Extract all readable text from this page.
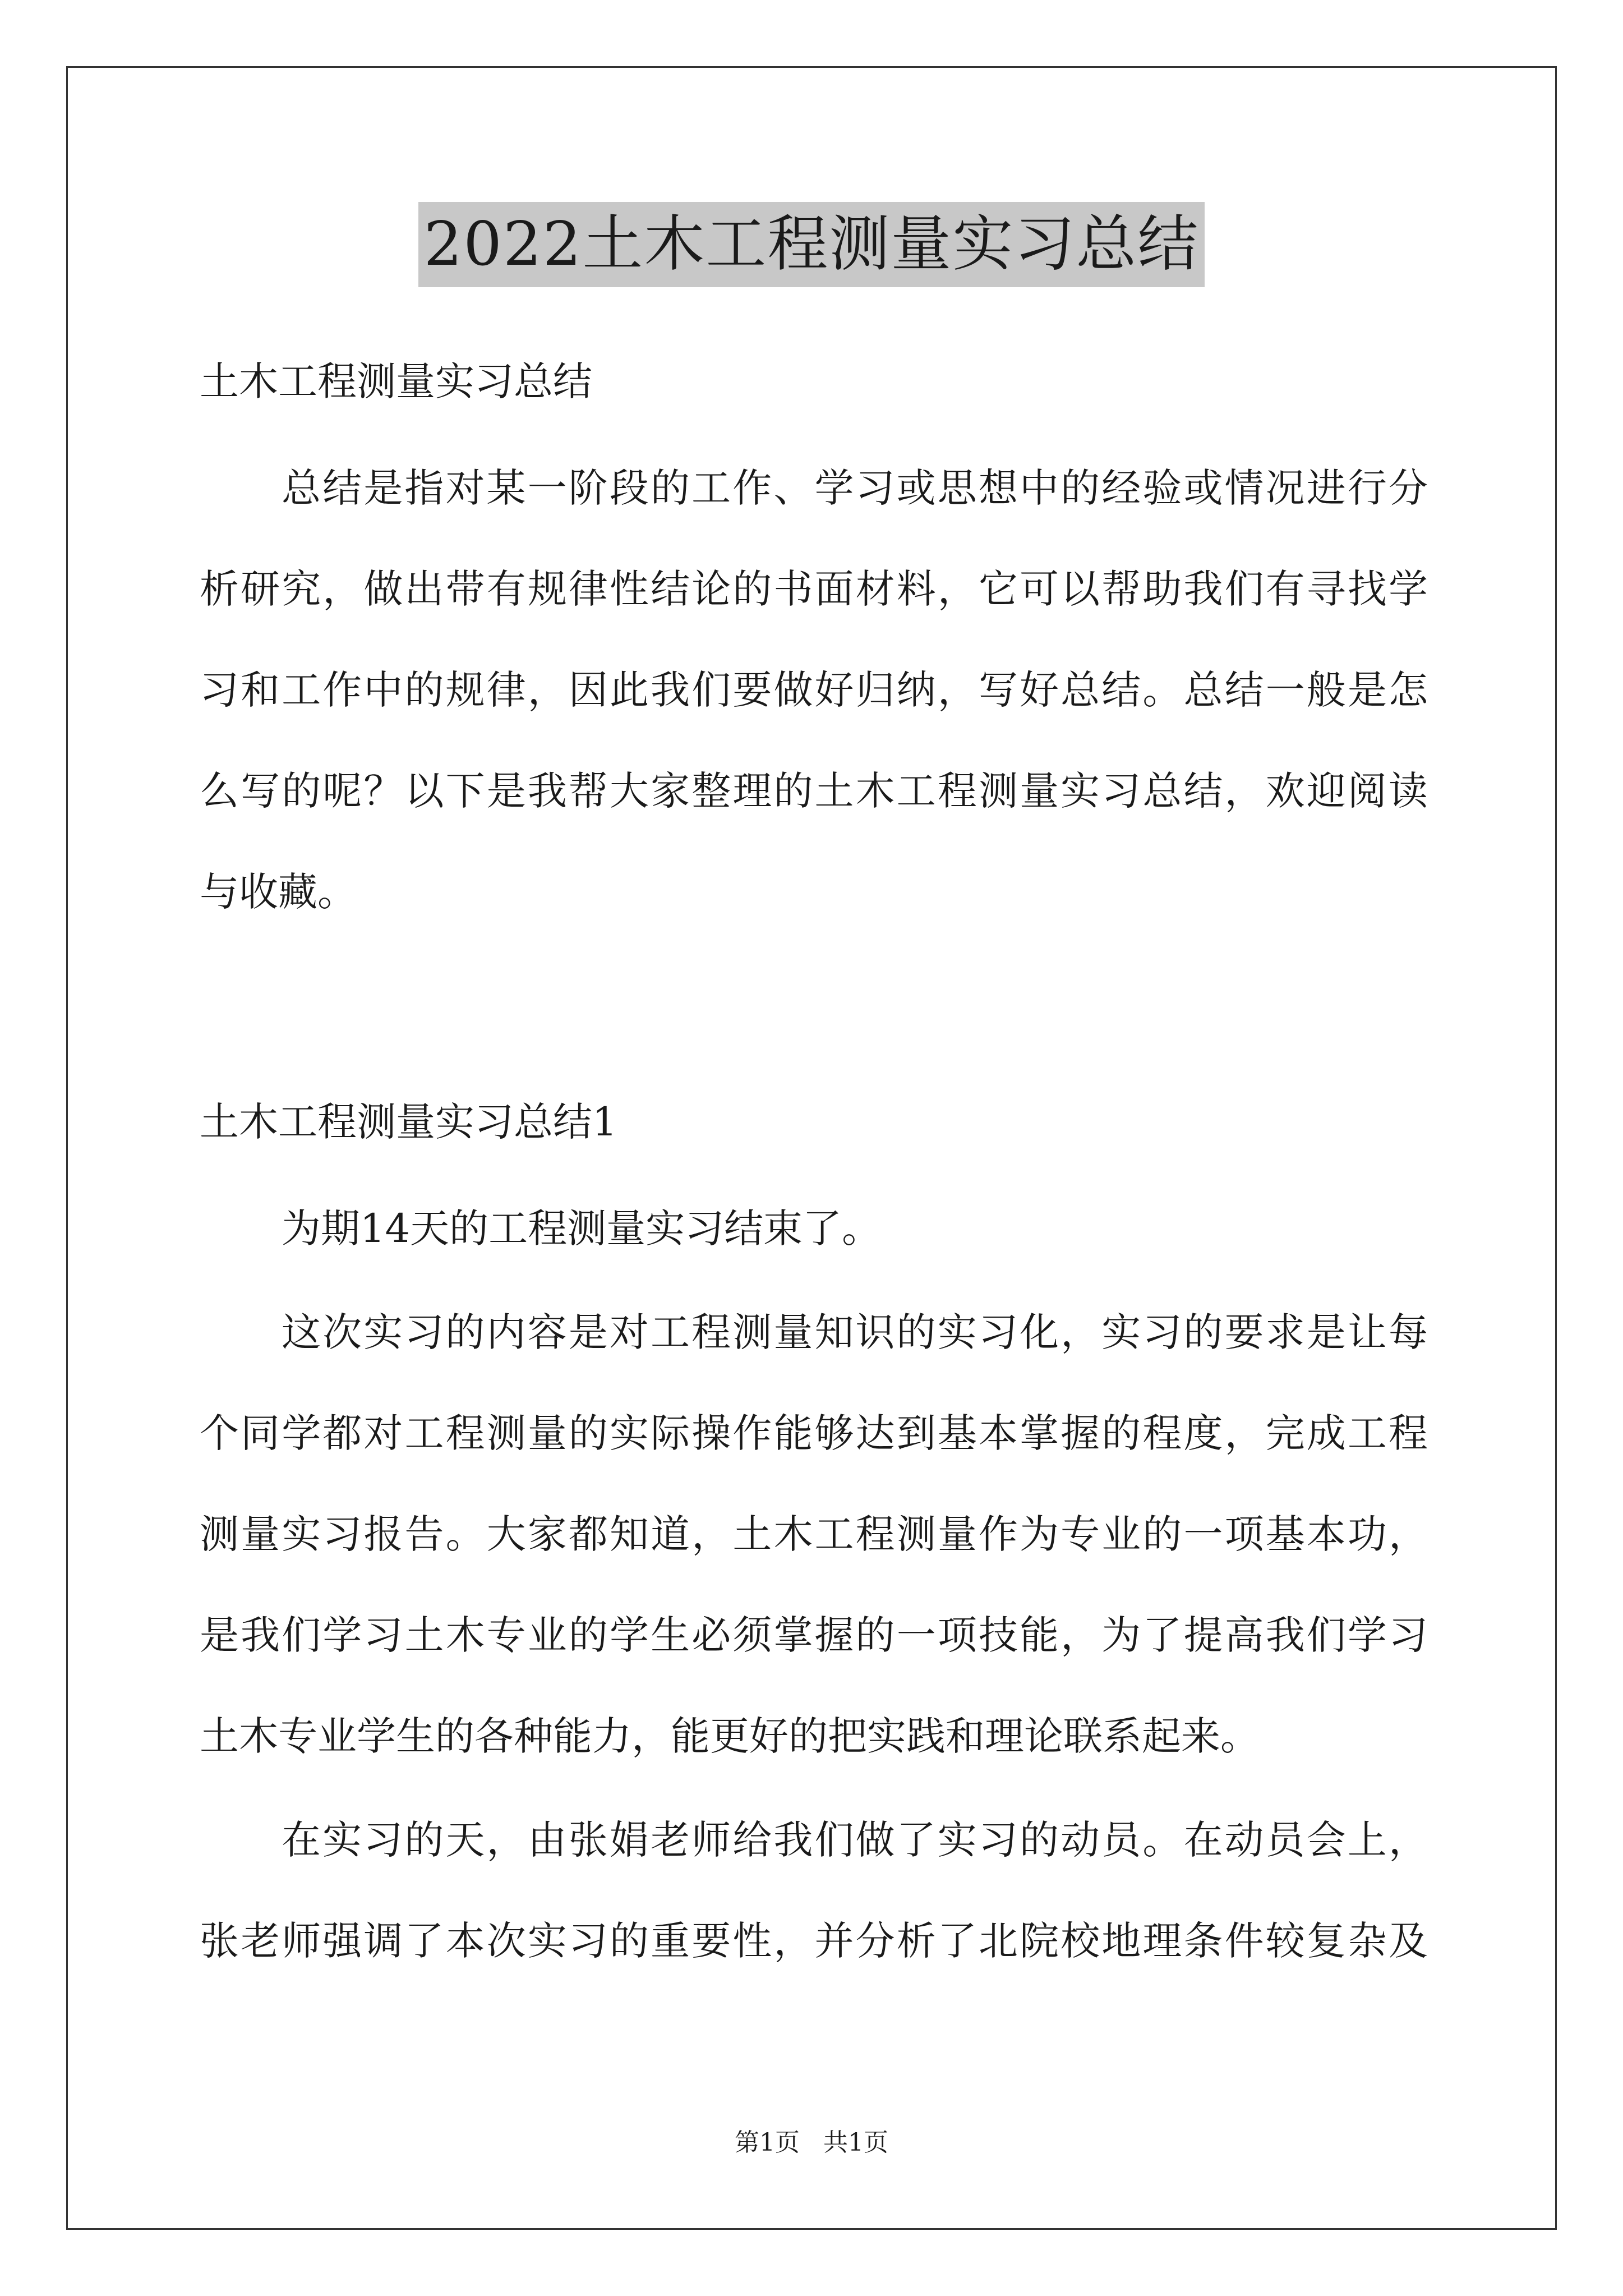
2022土木工程测量实习总结
土木工程测量实习总结
总结是指对某一阶段的工作、学习或思想中的经验或情况进行分
析研究，做出带有规律性结论的书面材料，它可以帮助我们有寻找学
习和工作中的规律，因此我们要做好归纳，写好总结。总结一般是怎
么写的呢？以下是我帮大家整理的土木工程测量实习总结，欢迎阅读
与收藏。
土木工程测量实习总结1
为期14天的工程测量实习结束了。
这次实习的内容是对工程测量知识的实习化，实习的要求是让每
个同学都对工程测量的实际操作能够达到基本掌握的程度，完成工程
测量实习报告。大家都知道，土木工程测量作为专业的一项基本功，
是我们学习土木专业的学生必须掌握的一项技能，为了提高我们学习
土木专业学生的各种能力，能更好的把实践和理论联系起来。
在实习的天，由张娟老师给我们做了实习的动员。在动员会上，
张老师强调了本次实习的重要性，并分析了北院校地理条件较复杂及
第1页 共1页
